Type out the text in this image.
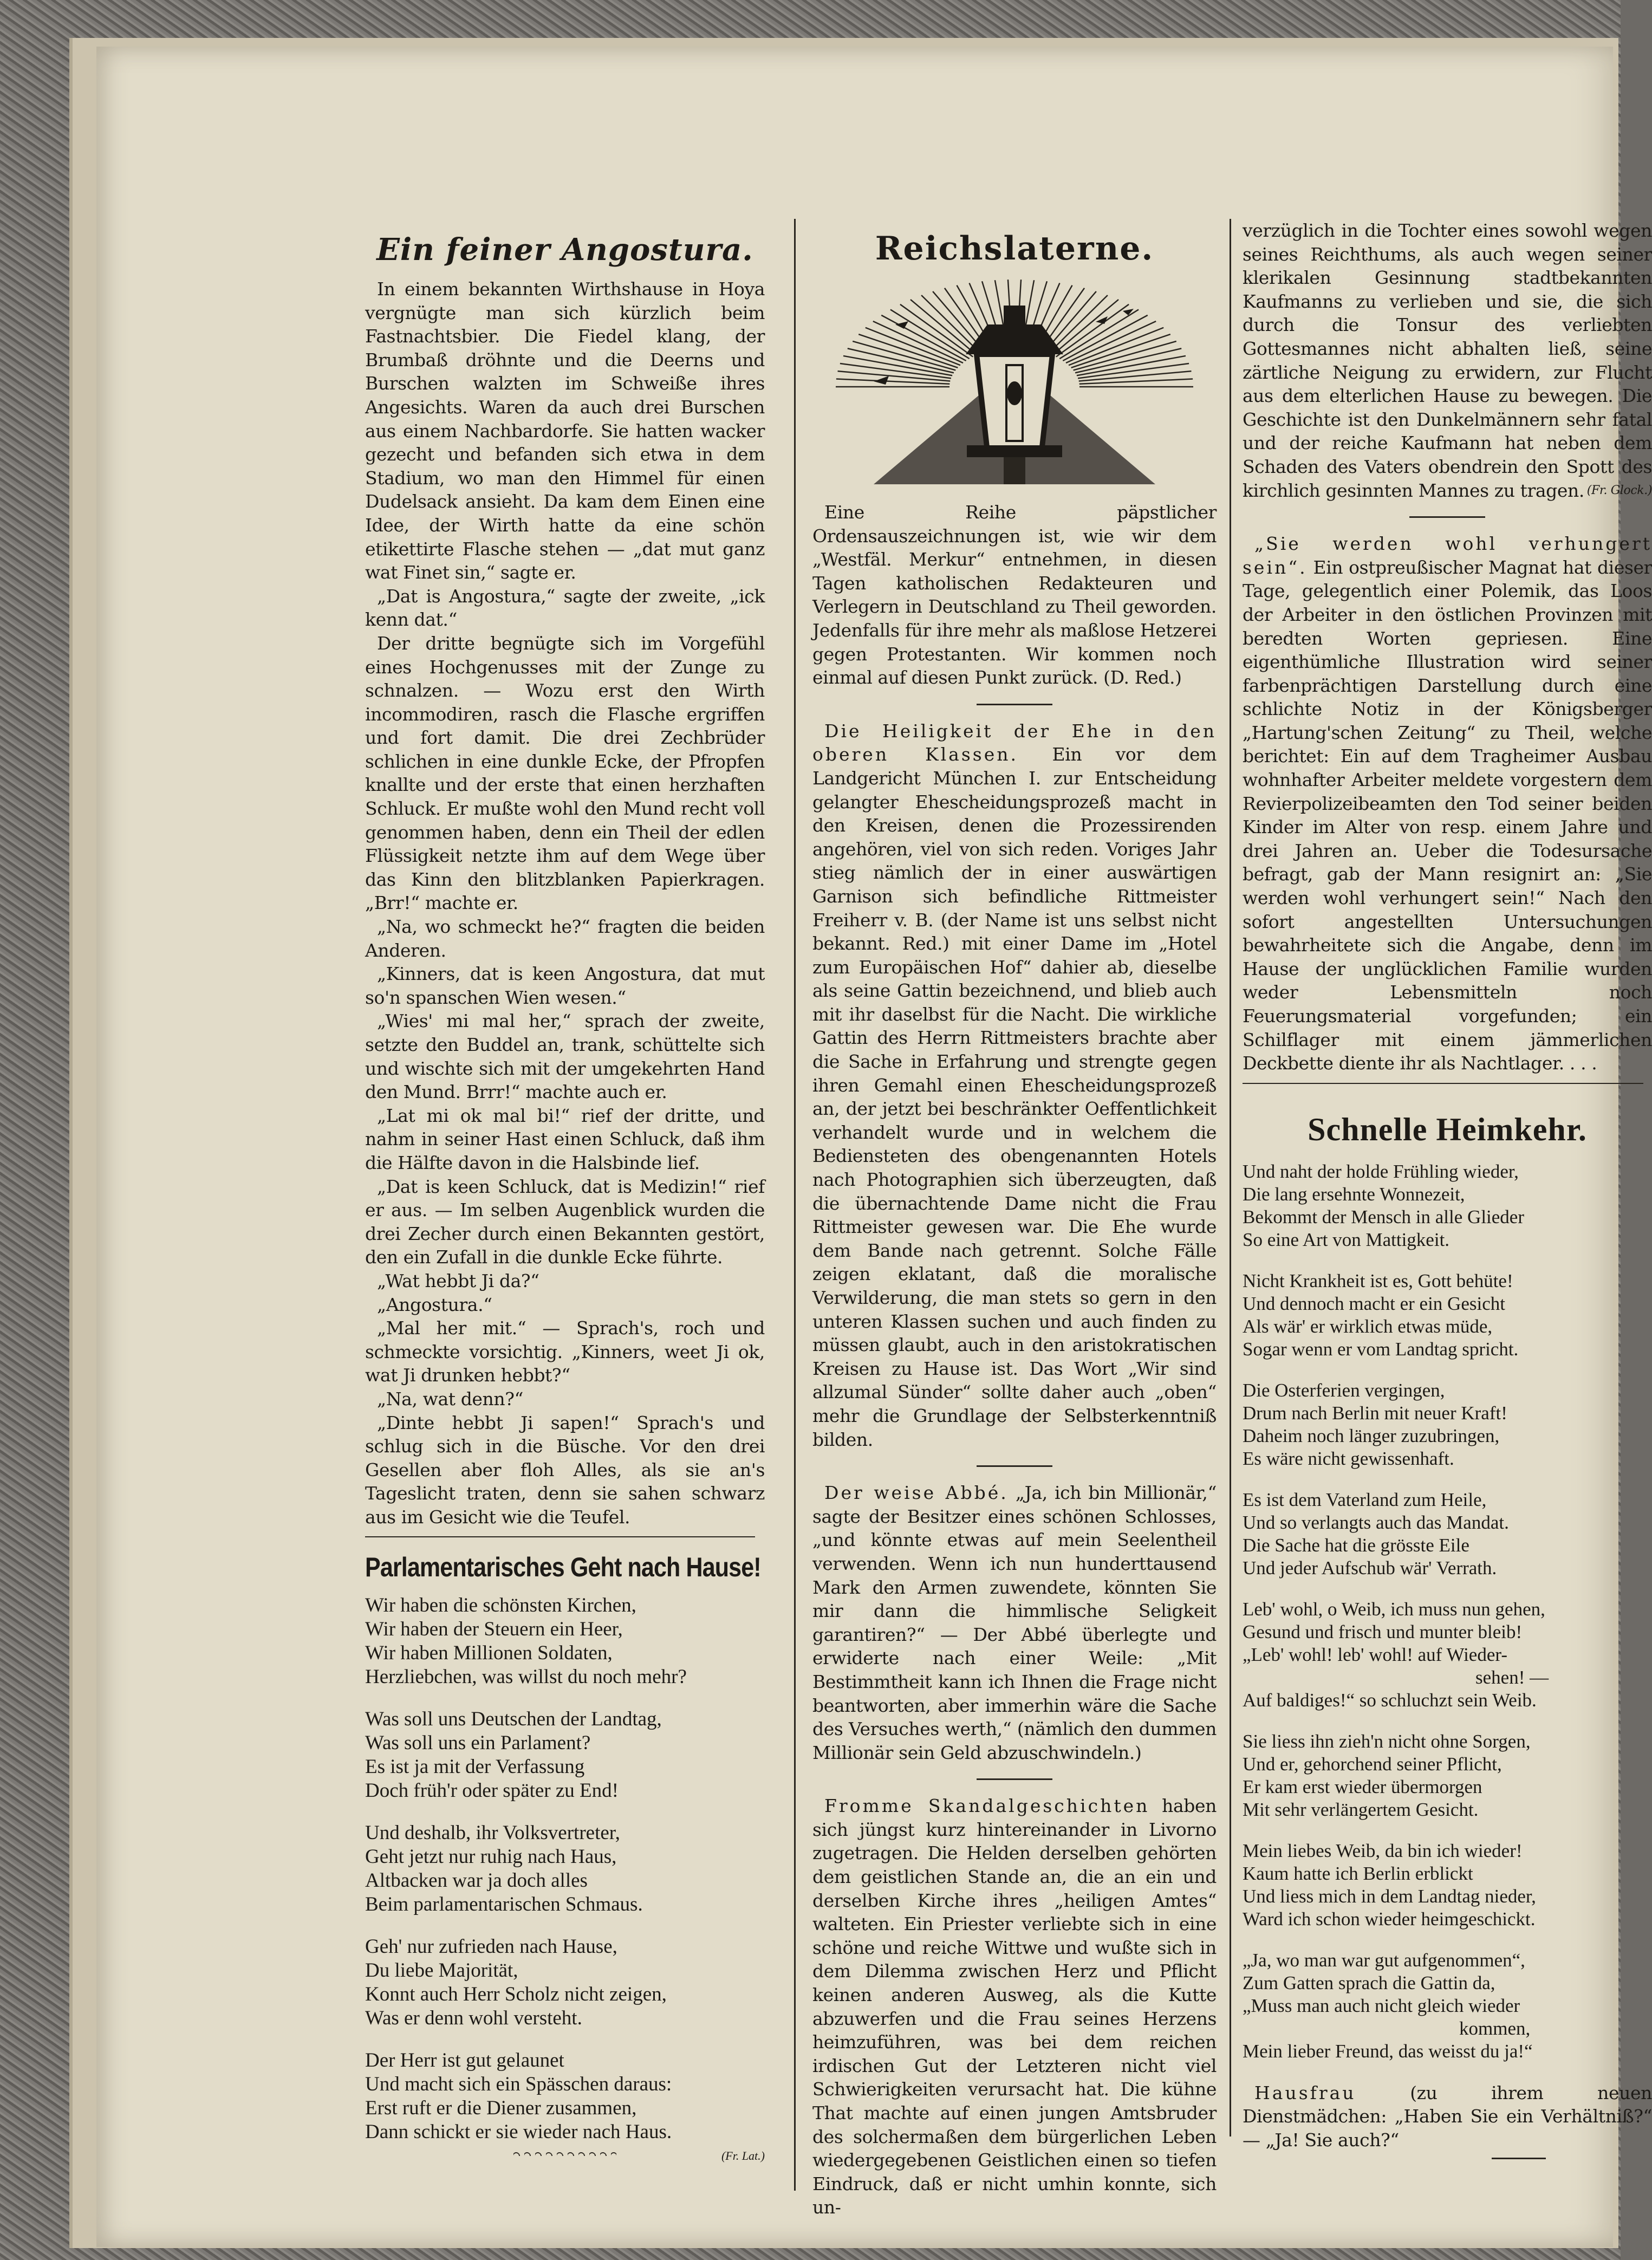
Ein feiner Angostura.

In einem bekannten Wirthshause in Hoya vergnügte man sich kürzlich beim Fastnachtsbier. Die Fiedel klang, der Brumbaß dröhnte und die Deerns und Burschen walzten im Schweiße ihres Angesichts. Waren da auch drei Burschen aus einem Nachbardorfe. Sie hatten wacker gezecht und befanden sich etwa in dem Stadium, wo man den Himmel für einen Dudelsack ansieht. Da kam dem Einen eine Idee, der Wirth hatte da eine schön etikettirte Flasche stehen — „dat mut ganz wat Finet sin,“ sagte er.

„Dat is Angostura,“ sagte der zweite, „ick kenn dat.“

Der dritte begnügte sich im Vorgefühl eines Hochgenusses mit der Zunge zu schnalzen. — Wozu erst den Wirth incommodiren, rasch die Flasche ergriffen und fort damit. Die drei Zechbrüder schlichen in eine dunkle Ecke, der Pfropfen knallte und der erste that einen herzhaften Schluck. Er mußte wohl den Mund recht voll genommen haben, denn ein Theil der edlen Flüssigkeit netzte ihm auf dem Wege über das Kinn den blitzblanken Papierkragen. „Brr!“ machte er.

„Na, wo schmeckt he?“ fragten die beiden Anderen.

„Kinners, dat is keen Angostura, dat mut so'n spanschen Wien wesen.“

„Wies' mi mal her,“ sprach der zweite, setzte den Buddel an, trank, schüttelte sich und wischte sich mit der umgekehrten Hand den Mund. Brrr!“ machte auch er.

„Lat mi ok mal bi!“ rief der dritte, und nahm in seiner Hast einen Schluck, daß ihm die Hälfte davon in die Halsbinde lief.

„Dat is keen Schluck, dat is Medizin!“ rief er aus. — Im selben Augenblick wurden die drei Zecher durch einen Bekannten gestört, den ein Zufall in die dunkle Ecke führte.

„Wat hebbt Ji da?“

„Angostura.“

„Mal her mit.“ — Sprach's, roch und schmeckte vorsichtig. „Kinners, weet Ji ok, wat Ji drunken hebbt?“

„Na, wat denn?“

„Dinte hebbt Ji sapen!“ Sprach's und schlug sich in die Büsche. Vor den drei Gesellen aber floh Alles, als sie an's Tageslicht traten, denn sie sahen schwarz aus im Gesicht wie die Teufel.

Parlamentarisches Geht nach Hause!
Wir haben die schönsten Kirchen,
Wir haben der Steuern ein Heer,
Wir haben Millionen Soldaten,
Herzliebchen, was willst du noch mehr?
Was soll uns Deutschen der Landtag,
Was soll uns ein Parlament?
Es ist ja mit der Verfassung
Doch früh'r oder später zu End!
Und deshalb, ihr Volksvertreter,
Geht jetzt nur ruhig nach Haus,
Altbacken war ja doch alles
Beim parlamentarischen Schmaus.
Geh' nur zufrieden nach Hause,
Du liebe Majorität,
Konnt auch Herr Scholz nicht zeigen,
Was er denn wohl versteht.
Der Herr ist gut gelaunet
Und macht sich ein Spässchen daraus:
Erst ruft er die Diener zusammen,
Dann schickt er sie wieder nach Haus.
(Fr. Lat.)
Reichslaterne.

Eine Reihe päpstlicher Ordensauszeichnungen ist, wie wir dem „Westfäl. Merkur“ entnehmen, in diesen Tagen katholischen Redakteuren und Verlegern in Deutschland zu Theil geworden. Jedenfalls für ihre mehr als maßlose Hetzerei gegen Protestanten. Wir kommen noch einmal auf diesen Punkt zurück. (D. Red.)

Die Heiligkeit der Ehe in den oberen Klassen. Ein vor dem Landgericht München I. zur Entscheidung gelangter Ehescheidungsprozeß macht in den Kreisen, denen die Prozessirenden angehören, viel von sich reden. Voriges Jahr stieg nämlich der in einer auswärtigen Garnison sich befindliche Rittmeister Freiherr v. B. (der Name ist uns selbst nicht bekannt. Red.) mit einer Dame im „Hotel zum Europäischen Hof“ dahier ab, dieselbe als seine Gattin bezeichnend, und blieb auch mit ihr daselbst für die Nacht. Die wirkliche Gattin des Herrn Rittmeisters brachte aber die Sache in Erfahrung und strengte gegen ihren Gemahl einen Ehescheidungsprozeß an, der jetzt bei beschränkter Oeffentlichkeit verhandelt wurde und in welchem die Bediensteten des obengenannten Hotels nach Photographien sich überzeugten, daß die übernachtende Dame nicht die Frau Rittmeister gewesen war. Die Ehe wurde dem Bande nach getrennt. Solche Fälle zeigen eklatant, daß die moralische Verwilderung, die man stets so gern in den unteren Klassen suchen und auch finden zu müssen glaubt, auch in den aristokratischen Kreisen zu Hause ist. Das Wort „Wir sind allzumal Sünder“ sollte daher auch „oben“ mehr die Grundlage der Selbsterkenntniß bilden.

Der weise Abbé. „Ja, ich bin Millionär,“ sagte der Besitzer eines schönen Schlosses, „und könnte etwas auf mein Seelentheil verwenden. Wenn ich nun hunderttausend Mark den Armen zuwendete, könnten Sie mir dann die himmlische Seligkeit garantiren?“ — Der Abbé überlegte und erwiderte nach einer Weile: „Mit Bestimmtheit kann ich Ihnen die Frage nicht beantworten, aber immerhin wäre die Sache des Versuches werth,“ (nämlich den dummen Millionär sein Geld abzuschwindeln.)

Fromme Skandalgeschichten haben sich jüngst kurz hintereinander in Livorno zugetragen. Die Helden derselben gehörten dem geistlichen Stande an, die an ein und derselben Kirche ihres „heiligen Amtes“ walteten. Ein Priester verliebte sich in eine schöne und reiche Wittwe und wußte sich in dem Dilemma zwischen Herz und Pflicht keinen anderen Ausweg, als die Kutte abzuwerfen und die Frau seines Herzens heimzuführen, was bei dem reichen irdischen Gut der Letzteren nicht viel Schwierigkeiten verursacht hat. Die kühne That machte auf einen jungen Amtsbruder des solchermaßen dem bürgerlichen Leben wiedergegebenen Geistlichen einen so tiefen Eindruck, daß er nicht umhin konnte, sich un-

verzüglich in die Tochter eines sowohl wegen seines Reichthums, als auch wegen seiner klerikalen Gesinnung stadtbekannten Kaufmanns zu verlieben und sie, die sich durch die Tonsur des verliebten Gottesmannes nicht abhalten ließ, seine zärtliche Neigung zu erwidern, zur Flucht aus dem elterlichen Hause zu bewegen. Die Geschichte ist den Dunkelmännern sehr fatal und der reiche Kaufmann hat neben dem Schaden des Vaters obendrein den Spott des kirchlich gesinnten Mannes zu tragen. (Fr. Glock.)

„Sie werden wohl verhungert sein“. Ein ostpreußischer Magnat hat dieser Tage, gelegentlich einer Polemik, das Loos der Arbeiter in den östlichen Provinzen mit beredten Worten gepriesen. Eine eigenthümliche Illustration wird seiner farbenprächtigen Darstellung durch eine schlichte Notiz in der Königsberger „Hartung'schen Zeitung“ zu Theil, welche berichtet: Ein auf dem Tragheimer Ausbau wohnhafter Arbeiter meldete vorgestern dem Revierpolizeibeamten den Tod seiner beiden Kinder im Alter von resp. einem Jahre und drei Jahren an. Ueber die Todesursache befragt, gab der Mann resignirt an: „Sie werden wohl verhungert sein!“ Nach den sofort angestellten Untersuchungen bewahrheitete sich die Angabe, denn im Hause der unglücklichen Familie wurden weder Lebensmitteln noch Feuerungsmaterial vorgefunden; ein Schilflager mit einem jämmerlichen Deckbette diente ihr als Nachtlager. . . .

Schnelle Heimkehr.
Und naht der holde Frühling wieder,
Die lang ersehnte Wonnezeit,
Bekommt der Mensch in alle Glieder
So eine Art von Mattigkeit.
Nicht Krankheit ist es, Gott behüte!
Und dennoch macht er ein Gesicht
Als wär' er wirklich etwas müde,
Sogar wenn er vom Landtag spricht.
Die Osterferien vergingen,
Drum nach Berlin mit neuer Kraft!
Daheim noch länger zuzubringen,
Es wäre nicht gewissenhaft.
Es ist dem Vaterland zum Heile,
Und so verlangts auch das Mandat.
Die Sache hat die grösste Eile
Und jeder Aufschub wär' Verrath.
Leb' wohl, o Weib, ich muss nun gehen,
Gesund und frisch und munter bleib!
„Leb' wohl! leb' wohl! auf Wieder-
sehen! —
Auf baldiges!“ so schluchzt sein Weib.
Sie liess ihn zieh'n nicht ohne Sorgen,
Und er, gehorchend seiner Pflicht,
Er kam erst wieder übermorgen
Mit sehr verlängertem Gesicht.
Mein liebes Weib, da bin ich wieder!
Kaum hatte ich Berlin erblickt
Und liess mich in dem Landtag nieder,
Ward ich schon wieder heimgeschickt.
„Ja, wo man war gut aufgenommen“,
Zum Gatten sprach die Gattin da,
„Muss man auch nicht gleich wieder
kommen,
Mein lieber Freund, das weisst du ja!“

Hausfrau (zu ihrem neuen Dienstmädchen: „Haben Sie ein Verhältniß?“ — „Ja! Sie auch?“
